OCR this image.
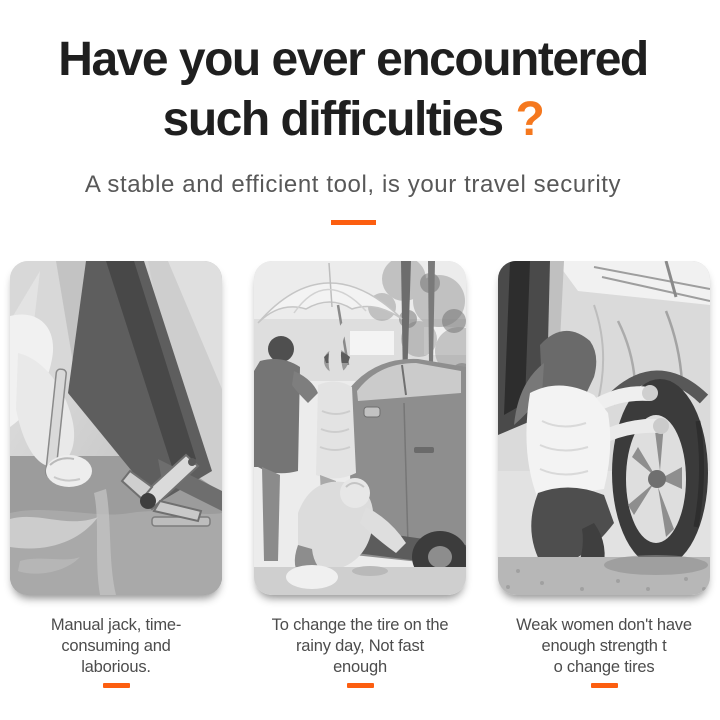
Have you ever encountered
such difficulties ?

A stable and efficient tool, is your travel security

Manual jack, time-
consuming and
laborious.
To change the tire on the
rainy day, Not fast
enough
Weak women don't have
enough strength t
o change tires
